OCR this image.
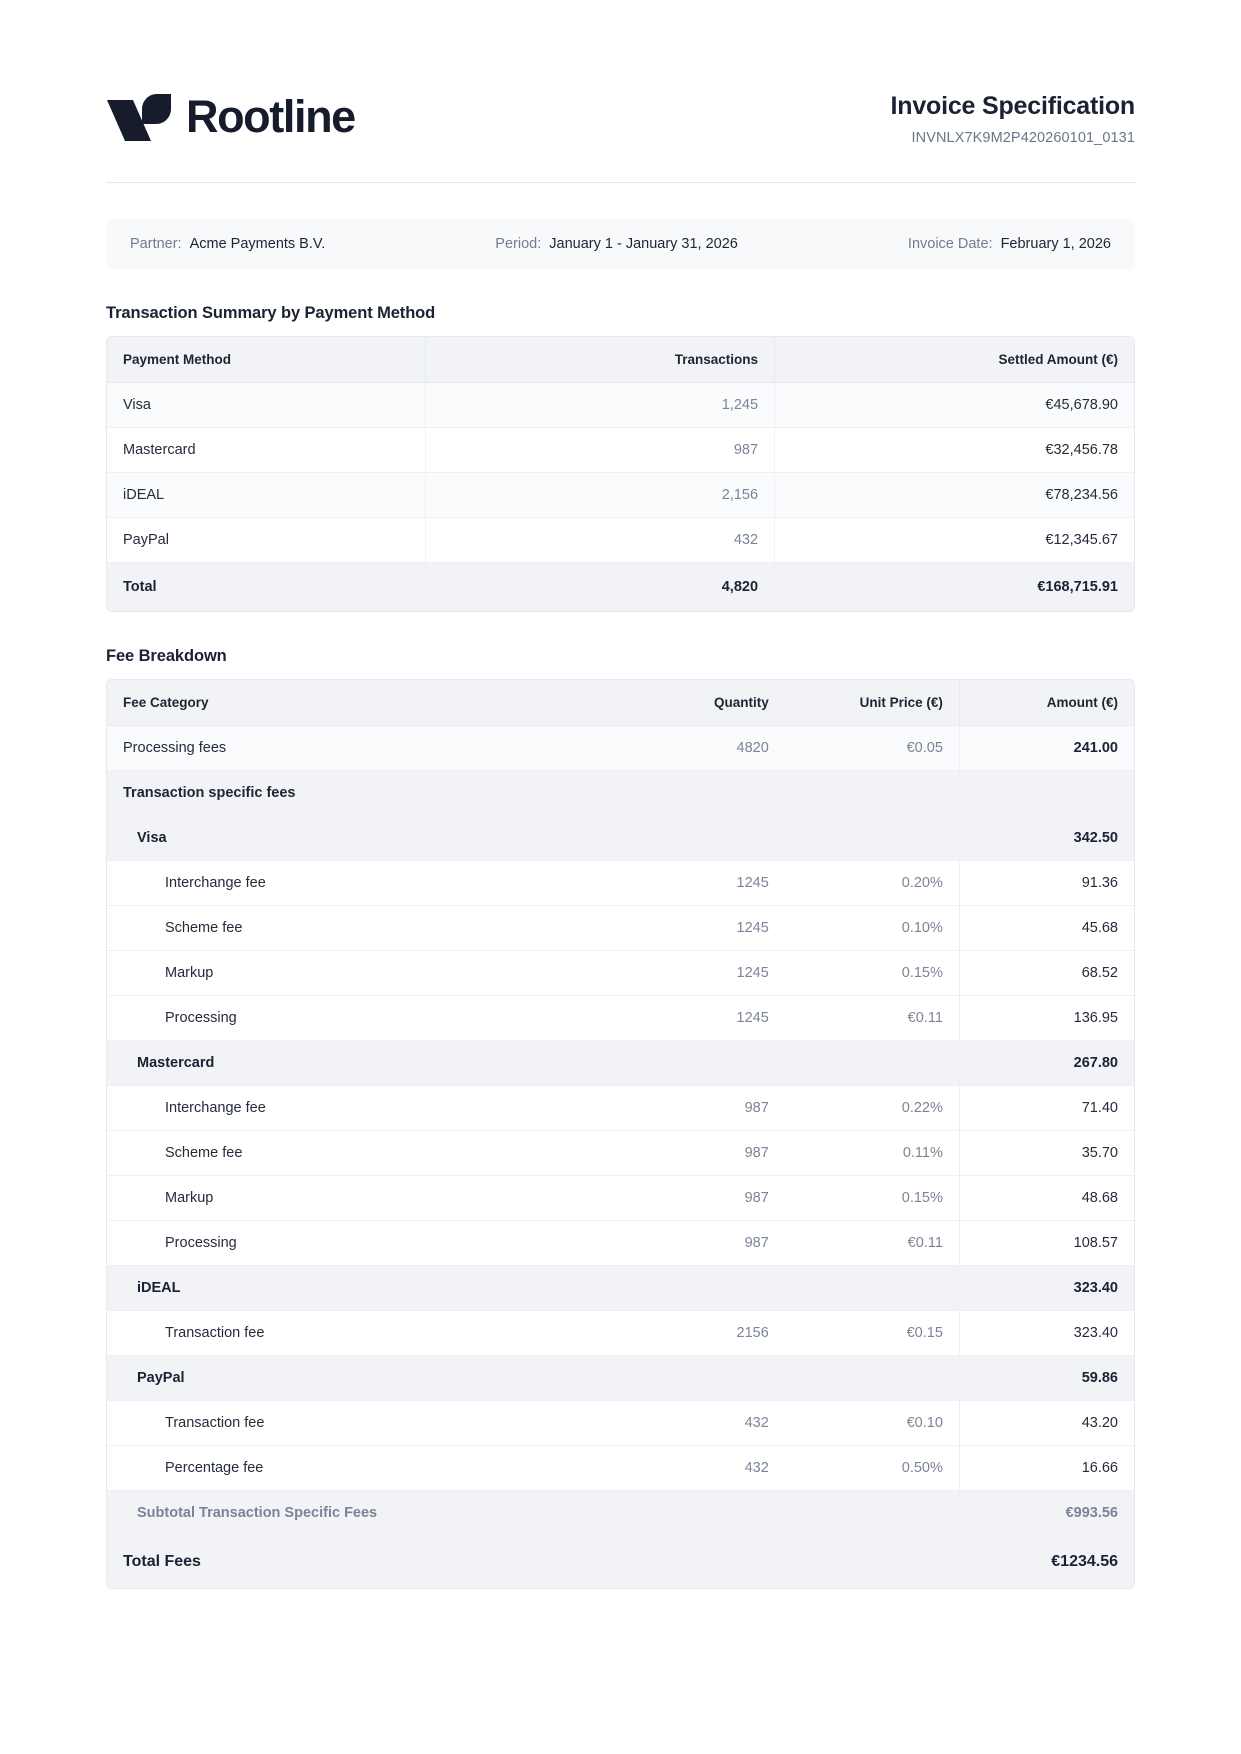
Rootline	Invoice Specification
INVNLX7K9M2P420260101_0131
Partner: Acme Payments B.V.	Period: January 1 - January 31, 2026	Invoice Date: February 1, 2026
Transaction Summary by Payment Method
Payment Method	Transactions	Settled Amount (€)
Visa	1,245	€45,678.90
Mastercard	987	€32,456.78
iDEAL	2,156	€78,234.56
PayPal	432	€12,345.67
Total	4,820	€168,715.91
Fee Breakdown
Fee Category	Quantity	Unit Price (€)	Amount (€)
Processing fees	4820	€0.05	241.00
Transaction specific fees			
Visa			342.50
Interchange fee	1245	0.20%	91.36
Scheme fee	1245	0.10%	45.68
Markup	1245	0.15%	68.52
Processing	1245	€0.11	136.95
Mastercard			267.80
Interchange fee	987	0.22%	71.40
Scheme fee	987	0.11%	35.70
Markup	987	0.15%	48.68
Processing	987	€0.11	108.57
iDEAL			323.40
Transaction fee	2156	€0.15	323.40
PayPal			59.86
Transaction fee	432	€0.10	43.20
Percentage fee	432	0.50%	16.66
Subtotal Transaction Specific Fees			€993.56
Total Fees			€1234.56
